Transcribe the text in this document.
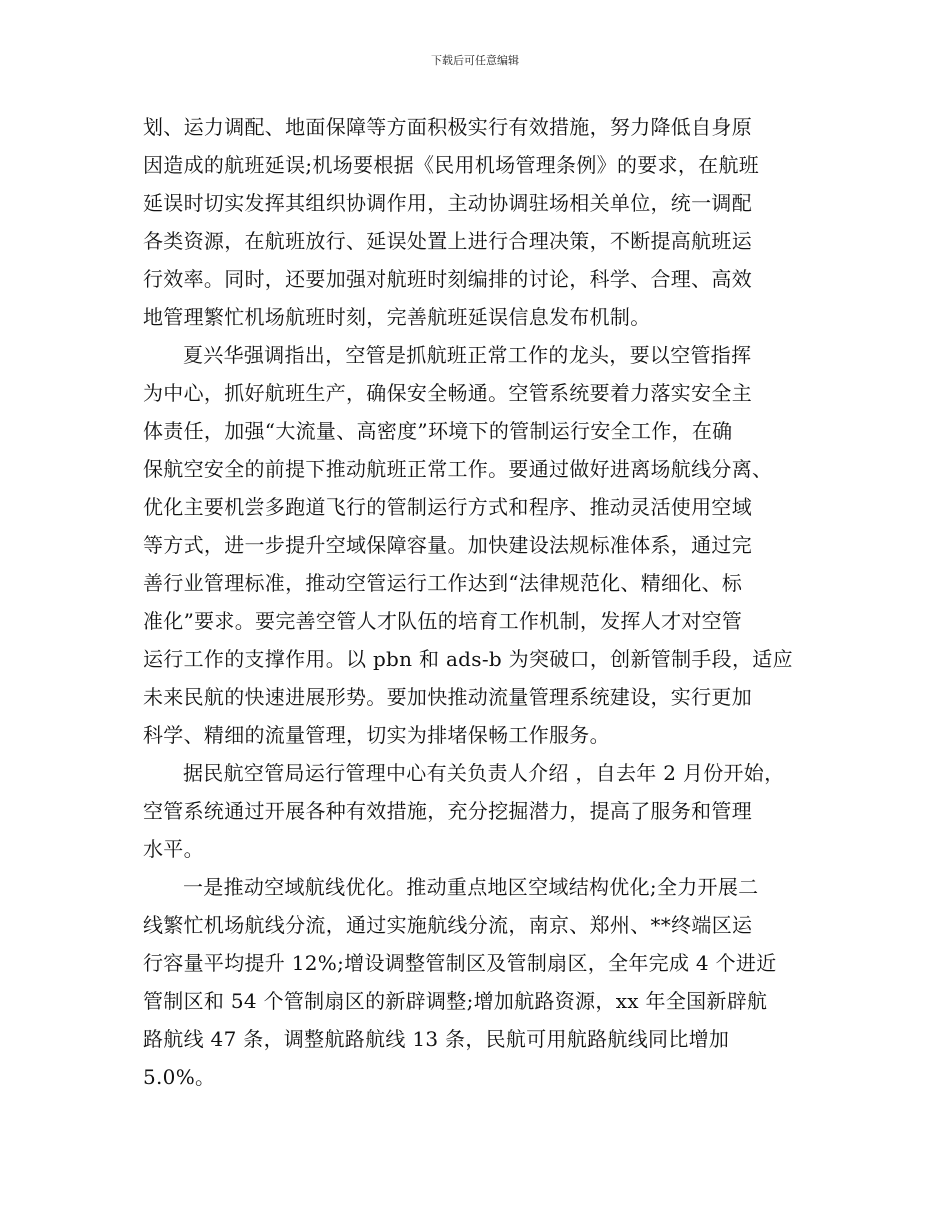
下载后可任意编辑
划、运力调配、地面保障等方面积极实行有效措施，努力降低自身原
因造成的航班延误;机场要根据《民用机场管理条例》的要求，在航班
延误时切实发挥其组织协调作用，主动协调驻场相关单位，统一调配
各类资源，在航班放行、延误处置上进行合理决策，不断提高航班运
行效率。同时，还要加强对航班时刻编排的讨论，科学、合理、高效
地管理繁忙机场航班时刻，完善航班延误信息发布机制。
夏兴华强调指出，空管是抓航班正常工作的龙头，要以空管指挥
为中心，抓好航班生产，确保安全畅通。空管系统要着力落实安全主
体责任，加强“大流量、高密度”环境下的管制运行安全工作，在确
保航空安全的前提下推动航班正常工作。要通过做好进离场航线分离、
优化主要机尝多跑道飞行的管制运行方式和程序、推动灵活使用空域
等方式，进一步提升空域保障容量。加快建设法规标准体系，通过完
善行业管理标准，推动空管运行工作达到“法律规范化、精细化、标
准化”要求。要完善空管人才队伍的培育工作机制，发挥人才对空管
运行工作的支撑作用。以 pbn 和 ads-b 为突破口，创新管制手段，适应
未来民航的快速进展形势。要加快推动流量管理系统建设，实行更加
科学、精细的流量管理，切实为排堵保畅工作服务。
据民航空管局运行管理中心有关负责人介绍 ，自去年 2 月份开始，
空管系统通过开展各种有效措施，充分挖掘潜力，提高了服务和管理
水平。
一是推动空域航线优化。推动重点地区空域结构优化;全力开展二
线繁忙机场航线分流，通过实施航线分流，南京、郑州、**终端区运
行容量平均提升 12%;增设调整管制区及管制扇区，全年完成 4 个进近
管制区和 54 个管制扇区的新辟调整;增加航路资源，xx 年全国新辟航
路航线 47 条，调整航路航线 13 条，民航可用航路航线同比增加
5.0%。
